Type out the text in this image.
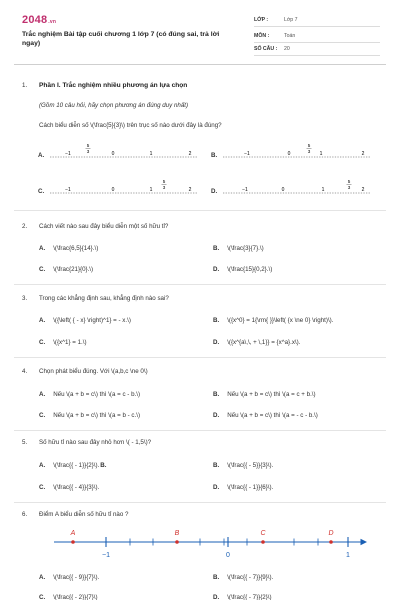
2048.vn
Trắc nghiệm Bài tập cuối chương 1 lớp 7 (có đúng sai, trả lời ngay)
LỚP :	Lớp 7
MÔN :	Toán
SỐ CÂU : 20
1. Phần I. Trắc nghiệm nhiều phương án lựa chọn
(Gồm 10 câu hỏi, hãy chọn phương án đúng duy nhất)
Cách biểu diễn số \(\frac{5}{3}\) trên trục số nào dưới đây là đúng?
A.	−1	0	1	2
5
3
B.	−1	0	1	2
5
3
C.	−1	0	1	2
5
3
D.	−1	0	1	2
5
3
2. Cách viết nào sau đây biểu diễn một số hữu tỉ?
A. \(\frac{6,5}{14}.\)	B. \(\frac{3}{7}.\)
C. \(\frac{21}{0}.\)	D. \(\frac{15}{0,2}.\)
3. Trong các khẳng định sau, khẳng định nào sai?
A. \({\left( { - x} \right)^1} = - x.\)	B. \({x^0} = 1{\rm{ }}\left( {x \ne 0} \right)\).
C. \({x^1} = 1.\)	D. \({x^{a\,\, + \,1}} = {x^a}.x\).
4. Chọn phát biểu đúng. Với \(a,b,c \ne 0\)
A. Nếu \(a + b = c\) thì \(a = c - b.\)	B. Nếu \(a + b = c\) thì \(a = c + b.\)
C. Nếu \(a + b = c\) thì \(a = b - c.\)	D. Nếu \(a + b = c\) thì \(a = - c - b.\)
5. Số hữu tỉ nào sau đây nhỏ hơn \( - 1,5\)?
A. \(\frac{{ - 1}}{2}\).B.	B. \(\frac{{ - 5}}{3}\).
C. \(\frac{{ - 4}}{3}\).	D. \(\frac{{ - 1}}{6}\).
6. Điểm A biểu diễn số hữu tỉ nào ?
A	B	C	D
−1	0	1
A. \(\frac{{ - 9}}{7}\).	B. \(\frac{{ - 7}}{9}\).
C. \(\frac{{ - 2}}{7}\)	D. \(\frac{{ - 7}}{2}\)
